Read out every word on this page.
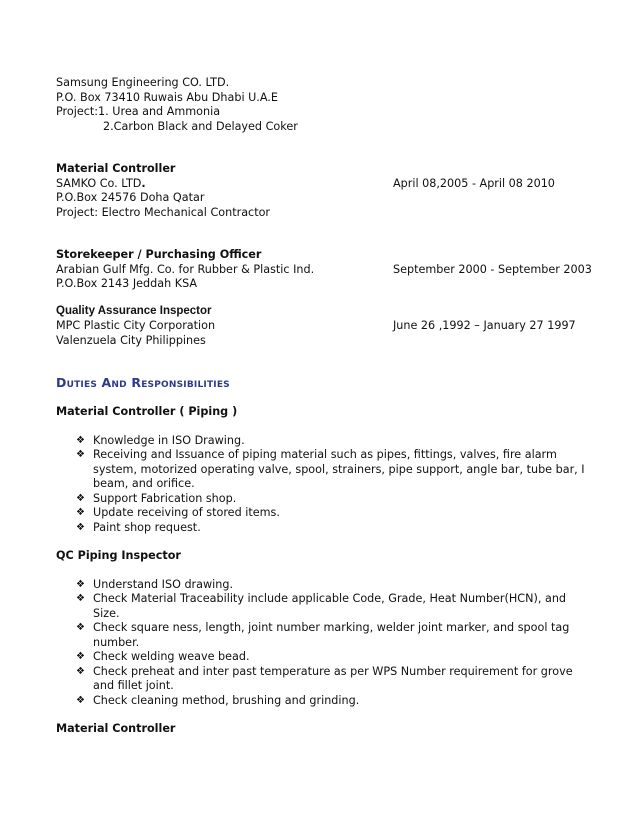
Samsung Engineering CO. LTD.
P.O. Box 73410 Ruwais Abu Dhabi U.A.E
Project:1. Urea and Ammonia
2.Carbon Black and Delayed Coker
Material Controller
SAMKO Co. LTD.	April 08,2005 - April 08 2010
P.O.Box 24576 Doha Qatar
Project: Electro Mechanical Contractor
Storekeeper / Purchasing Officer
Arabian Gulf Mfg. Co. for Rubber & Plastic Ind.	September 2000 - September 2003
P.O.Box 2143 Jeddah KSA
Quality Assurance Inspector
MPC Plastic City Corporation	June 26 ,1992 – January 27 1997
Valenzuela City Philippines
Duties And Responsibilities
Material Controller ( Piping )
❖ Knowledge in ISO Drawing.
❖ Receiving and Issuance of piping material such as pipes, fittings, valves, fire alarm system, motorized operating valve, spool, strainers, pipe support, angle bar, tube bar, I beam, and orifice.
❖ Support Fabrication shop.
❖ Update receiving of stored items.
❖ Paint shop request.
QC Piping Inspector
❖ Understand ISO drawing.
❖ Check Material Traceability include applicable Code, Grade, Heat Number(HCN), and Size.
❖ Check square ness, length, joint number marking, welder joint marker, and spool tag number.
❖ Check welding weave bead.
❖ Check preheat and inter past temperature as per WPS Number requirement for grove and fillet joint.
❖ Check cleaning method, brushing and grinding.
Material Controller
